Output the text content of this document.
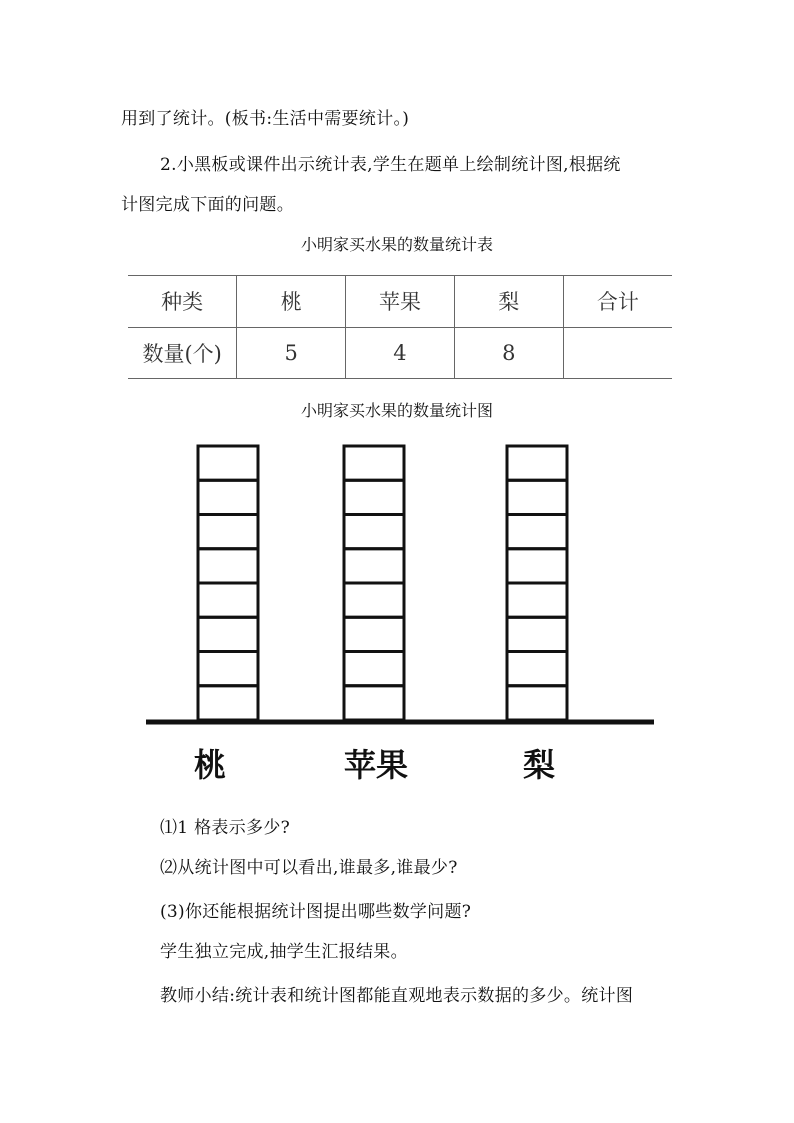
用到了统计。(板书:生活中需要统计。)
2.小黑板或课件出示统计表,学生在题单上绘制统计图,根据统
计图完成下面的问题。
小明家买水果的数量统计表
种类	桃	苹果	梨	合计
数量(个)	5	4	8	
小明家买水果的数量统计图
桃	苹果	梨
⑴1 格表示多少?
⑵从统计图中可以看出,谁最多,谁最少?
(3)你还能根据统计图提出哪些数学问题?
学生独立完成,抽学生汇报结果。
教师小结:统计表和统计图都能直观地表示数据的多少。统计图
